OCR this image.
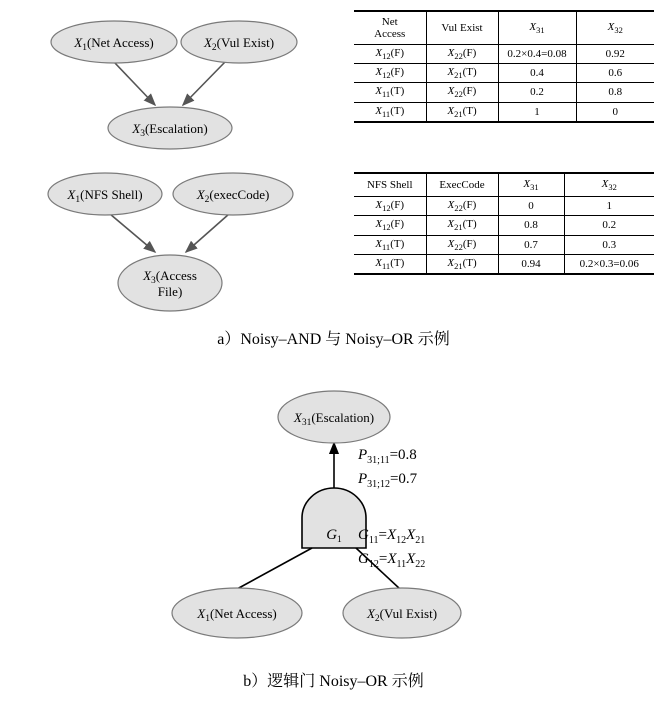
$X_1(Net$ Access)	$X_2(Vul$ Exist)
$X_3(Escalation)$
$X_1(NFS$ Shell)	$X_2(execCode)$
$X_3(Access$
File)
$G_1$
$X_{31}(Escalation)$
$X_1(Net$ Access)	$X_2(Vul$ Exist)
Net
Access	Vul Exist	$X_{31}$	$X_{32}$
$X_{12}(F)$	$X_{22}(F)$	0.2×0.4=0.08	0.92
$X_{12}(F)$	$X_{21}(T)$	0.4	0.6
$X_{11}(T)$	$X_{22}(F)$	0.2	0.8
$X_{11}(T)$	$X_{21}(T)$	1	0
NFS Shell	ExecCode	$X_{31}$	$X_{32}$
$X_{12}(F)$	$X_{22}(F)$	0	1
$X_{12}(F)$	$X_{21}(T)$	0.8	0.2
$X_{11}(T)$	$X_{22}(F)$	0.7	0.3
$X_{11}(T)$	$X_{21}(T)$	0.94	0.2×0.3=0.06
$P_{31;11}=0.8$
$P_{31;12}=0.7$
$G_{11}=X_{12}X_{21}$
$G_{12}=X_{11}X_{22}$
a）Noisy–AND 与 Noisy–OR 示例
b）逻辑门 Noisy–OR 示例
